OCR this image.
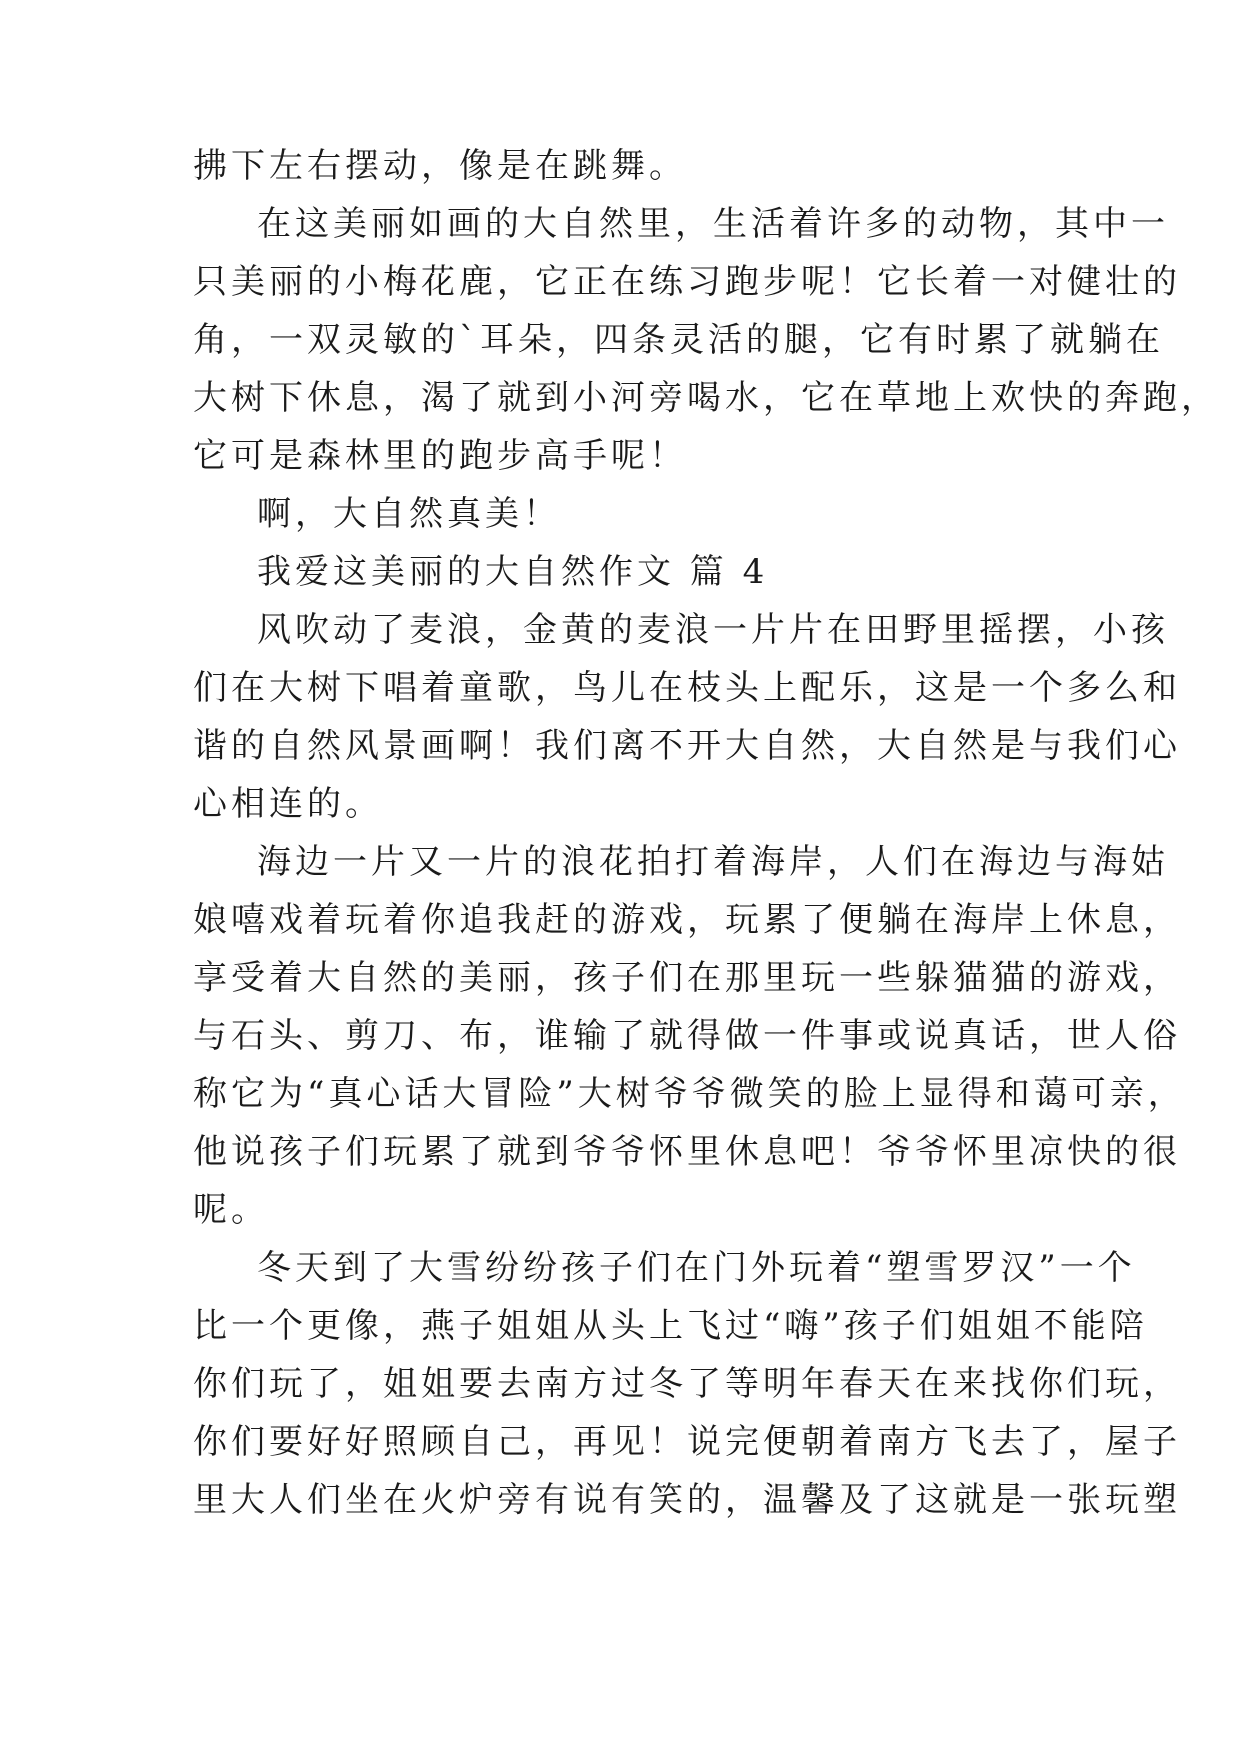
拂下左右摆动，像是在跳舞。
在这美丽如画的大自然里，生活着许多的动物，其中一
只美丽的小梅花鹿，它正在练习跑步呢！它长着一对健壮的
角，一双灵敏的`耳朵，四条灵活的腿，它有时累了就躺在
大树下休息，渴了就到小河旁喝水，它在草地上欢快的奔跑，
它可是森林里的跑步高手呢！
啊，大自然真美！
我爱这美丽的大自然作文 篇 4
风吹动了麦浪，金黄的麦浪一片片在田野里摇摆，小孩
们在大树下唱着童歌，鸟儿在枝头上配乐，这是一个多么和
谐的自然风景画啊！我们离不开大自然，大自然是与我们心
心相连的。
海边一片又一片的浪花拍打着海岸，人们在海边与海姑
娘嘻戏着玩着你追我赶的游戏，玩累了便躺在海岸上休息，
享受着大自然的美丽，孩子们在那里玩一些躲猫猫的游戏，
与石头、剪刀、布，谁输了就得做一件事或说真话，世人俗
称它为“真心话大冒险”大树爷爷微笑的脸上显得和蔼可亲，
他说孩子们玩累了就到爷爷怀里休息吧！爷爷怀里凉快的很
呢。
冬天到了大雪纷纷孩子们在门外玩着“塑雪罗汉”一个
比一个更像，燕子姐姐从头上飞过“嗨”孩子们姐姐不能陪
你们玩了，姐姐要去南方过冬了等明年春天在来找你们玩，
你们要好好照顾自己，再见！说完便朝着南方飞去了，屋子
里大人们坐在火炉旁有说有笑的，温馨及了这就是一张玩塑
